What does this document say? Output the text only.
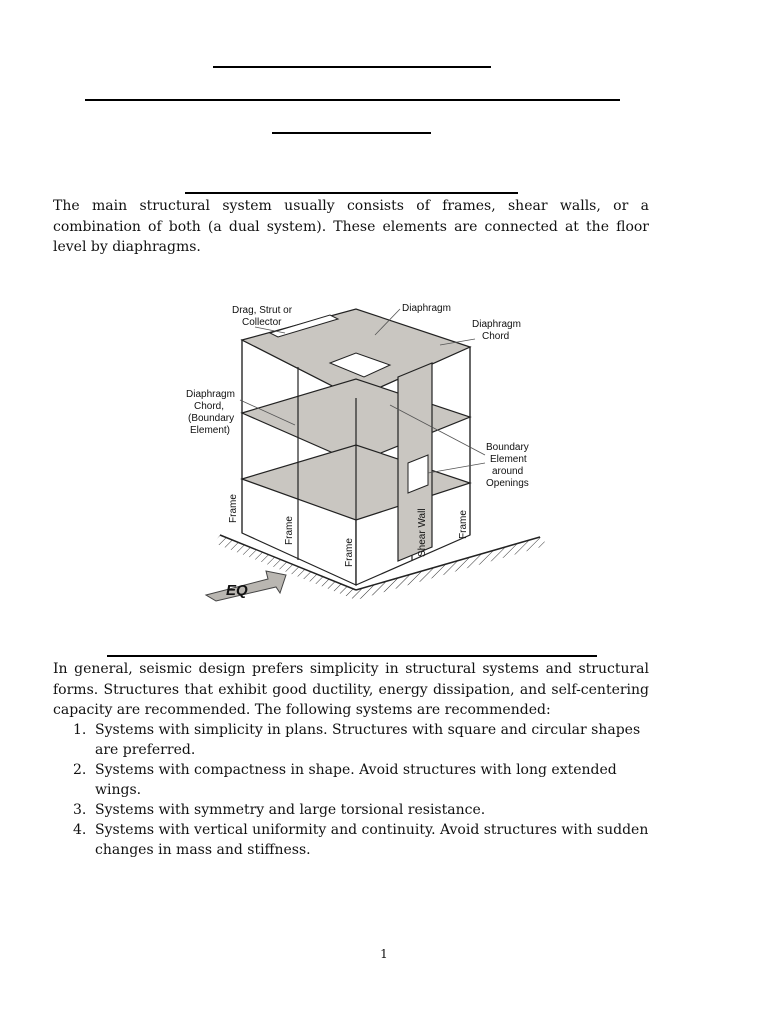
The main structural system usually consists of frames, shear walls, or a combination of both (a dual system). These elements are connected at the floor level by diaphragms.

Drag, Strut or
Collector
Diaphragm
Diaphragm
Chord
Diaphragm
Chord,
(Boundary
Element)
Boundary
Element
around
Openings
Frame
Frame
Frame	Shear Wall	Frame
EQ

In general, seismic design prefers simplicity in structural systems and structural forms. Structures that exhibit good ductility, energy dissipation, and self-centering capacity are recommended. The following systems are recommended:

1. Systems with simplicity in plans. Structures with square and circular shapes are preferred.
2. Systems with compactness in shape. Avoid structures with long extended wings.
3. Systems with symmetry and large torsional resistance.
4. Systems with vertical uniformity and continuity. Avoid structures with sudden changes in mass and stiffness.
1
